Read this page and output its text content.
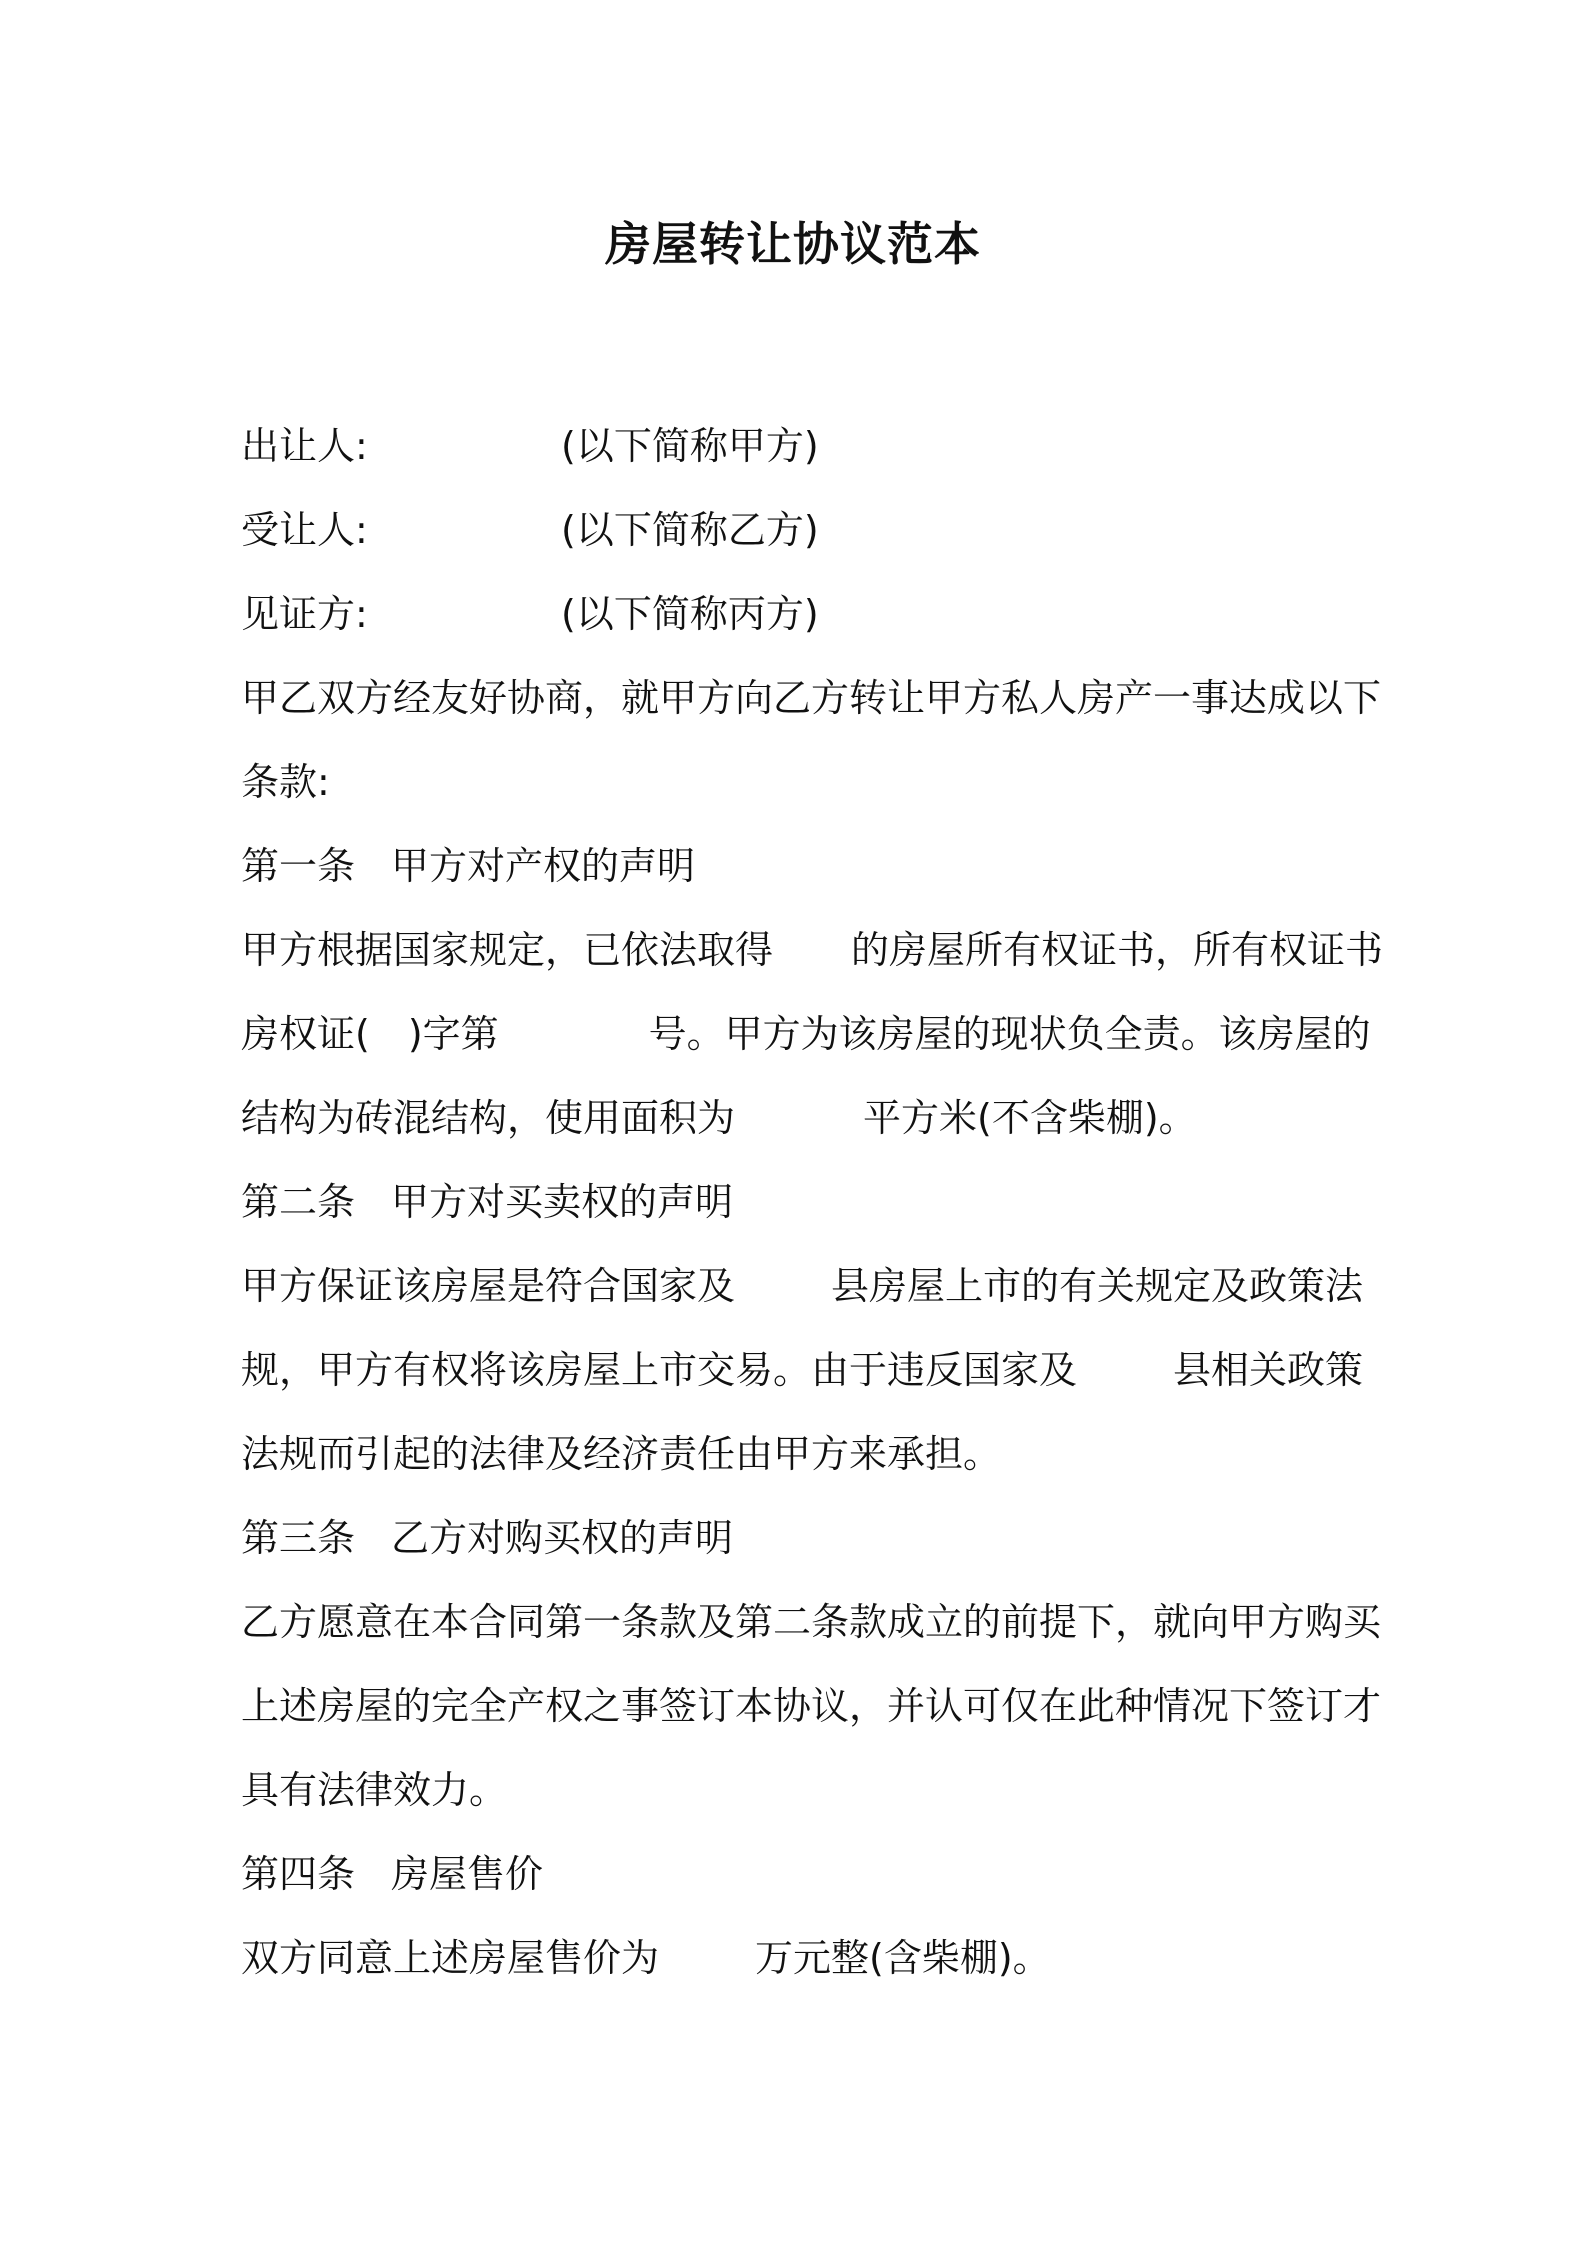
房屋转让协议范本
出让人:	(以下简称甲方)
受让人:	(以下简称乙方)
见证方:	(以下简称丙方)
甲乙双方经友好协商，就甲方向乙方转让甲方私人房产一事达成以下
条款:
第一条 甲方对产权的声明
甲方根据国家规定，已依法取得 的房屋所有权证书，所有权证书
房权证( )字第	号。甲方为该房屋的现状负全责。该房屋的
结构为砖混结构，使用面积为	平方米(不含柴棚)。
第二条 甲方对买卖权的声明
甲方保证该房屋是符合国家及	县房屋上市的有关规定及政策法
规，甲方有权将该房屋上市交易。由于违反国家及	县相关政策
法规而引起的法律及经济责任由甲方来承担。
第三条 乙方对购买权的声明
乙方愿意在本合同第一条款及第二条款成立的前提下，就向甲方购买
上述房屋的完全产权之事签订本协议，并认可仅在此种情况下签订才
具有法律效力。
第四条 房屋售价
双方同意上述房屋售价为	万元整(含柴棚)。
